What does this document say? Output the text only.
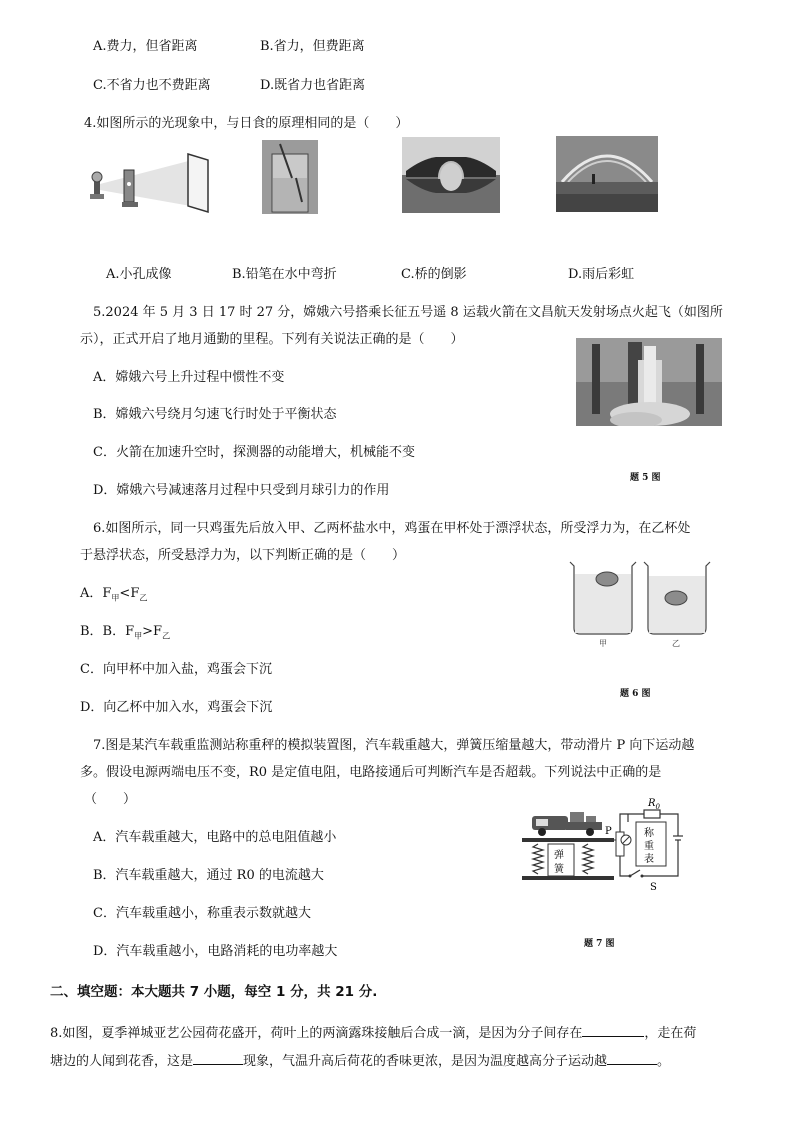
A.费力，但省距离	B.省力，但费距离
C.不省力也不费距离	D.既省力也省距离
4.如图所示的光现象中，与日食的原理相同的是（　　）
A.小孔成像	B.铅笔在水中弯折	C.桥的倒影	D.雨后彩虹
5.2024 年 5 月 3 日 17 时 27 分，嫦娥六号搭乘长征五号遥 8 运载火箭在文昌航天发射场点火起飞（如图所
示），正式开启了地月通勤的里程。下列有关说法正确的是（　　）
A．嫦娥六号上升过程中惯性不变
B．嫦娥六号绕月匀速飞行时处于平衡状态
C．火箭在加速升空时，探测器的动能增大，机械能不变
题 5 图
D．嫦娥六号减速落月过程中只受到月球引力的作用
6.如图所示，同一只鸡蛋先后放入甲、乙两杯盐水中，鸡蛋在甲杯处于漂浮状态，所受浮力为，在乙杯处
于悬浮状态，所受悬浮力为，以下判断正确的是（　　）
甲	乙
A．$F_甲<F_乙$
B．B．$F_甲>F_乙$
C．向甲杯中加入盐，鸡蛋会下沉
题 6 图
D．向乙杯中加入水，鸡蛋会下沉
7.图是某汽车载重监测站称重秤的模拟装置图，汽车载重越大，弹簧压缩量越大，带动滑片 P 向下运动越
多。假设电源两端电压不变，R0 是定值电阻，电路接通后可判断汽车是否超载。下列说法中正确的是
（　　）
弹
簧
P
$R_0$
S
称
重
表
A．汽车载重越大，电路中的总电阻值越小
B．汽车载重越大，通过 R0 的电流越大
C．汽车载重越小，称重表示数就越大
题 7 图
D．汽车载重越小，电路消耗的电功率越大
二、填空题：本大题共 7 小题，每空 1 分，共 21 分.
8.如图，夏季禅城亚艺公园荷花盛开，荷叶上的两滴露珠接触后合成一滴，是因为分子间存在	，走在荷
塘边的人闻到花香，这是	现象，气温升高后荷花的香味更浓，是因为温度越高分子运动越	。
